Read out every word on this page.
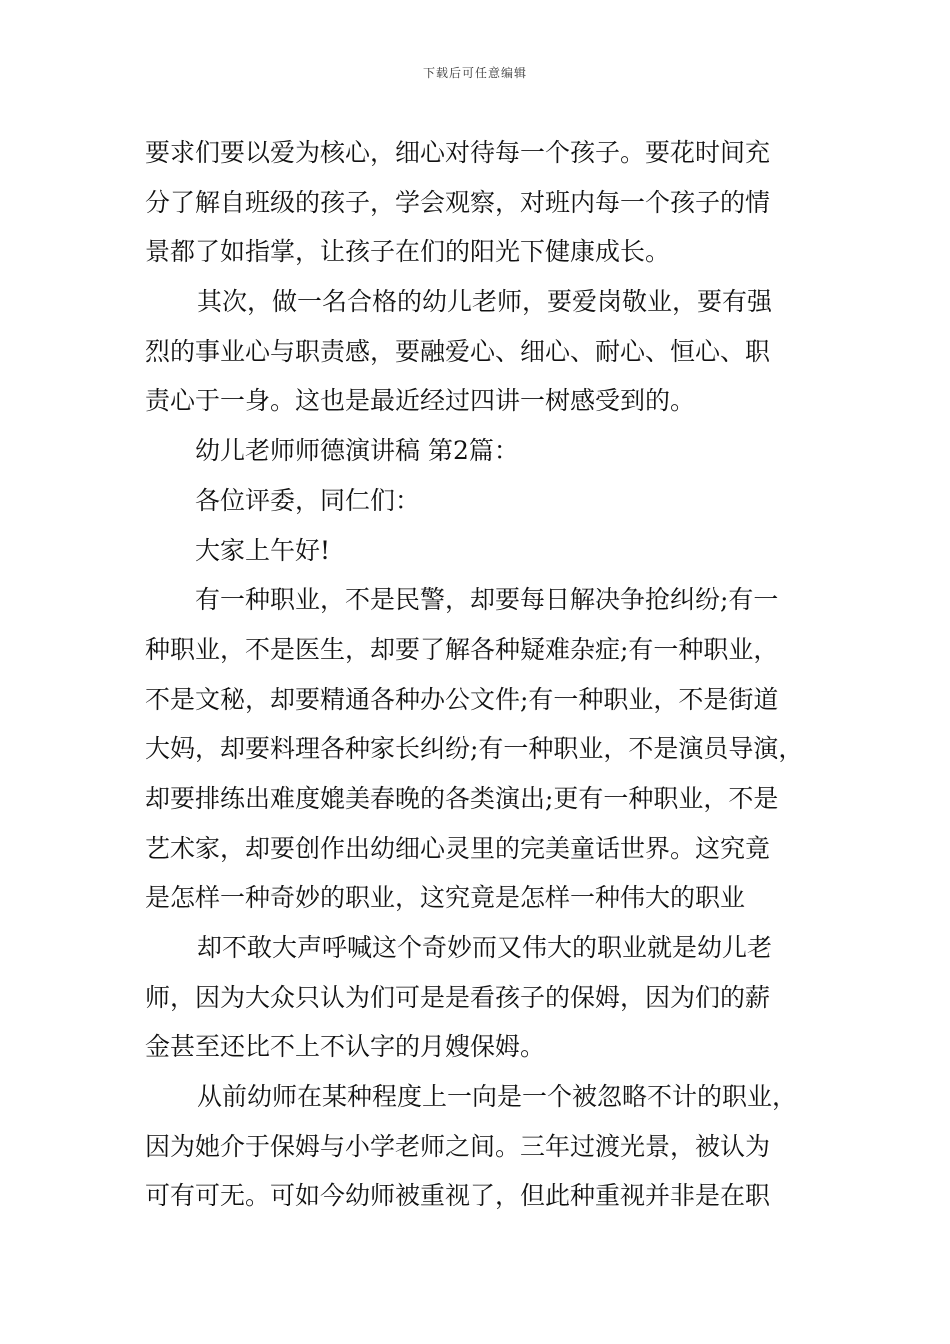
下载后可任意编辑
要求们要以爱为核心，细心对待每一个孩子。要花时间充
分了解自班级的孩子，学会观察，对班内每一个孩子的情
景都了如指掌，让孩子在们的阳光下健康成长。
其次，做一名合格的幼儿老师，要爱岗敬业，要有强
烈的事业心与职责感，要融爱心、细心、耐心、恒心、职
责心于一身。这也是最近经过四讲一树感受到的。
幼儿老师师德演讲稿 第2篇：
各位评委，同仁们：
大家上午好!
有一种职业，不是民警，却要每日解决争抢纠纷;有一
种职业，不是医生，却要了解各种疑难杂症;有一种职业，
不是文秘，却要精通各种办公文件;有一种职业，不是街道
大妈，却要料理各种家长纠纷;有一种职业，不是演员导演，
却要排练出难度媲美春晚的各类演出;更有一种职业，不是
艺术家，却要创作出幼细心灵里的完美童话世界。这究竟
是怎样一种奇妙的职业，这究竟是怎样一种伟大的职业
却不敢大声呼喊这个奇妙而又伟大的职业就是幼儿老
师，因为大众只认为们可是是看孩子的保姆，因为们的薪
金甚至还比不上不认字的月嫂保姆。
从前幼师在某种程度上一向是一个被忽略不计的职业，
因为她介于保姆与小学老师之间。三年过渡光景，被认为
可有可无。可如今幼师被重视了，但此种重视并非是在职
